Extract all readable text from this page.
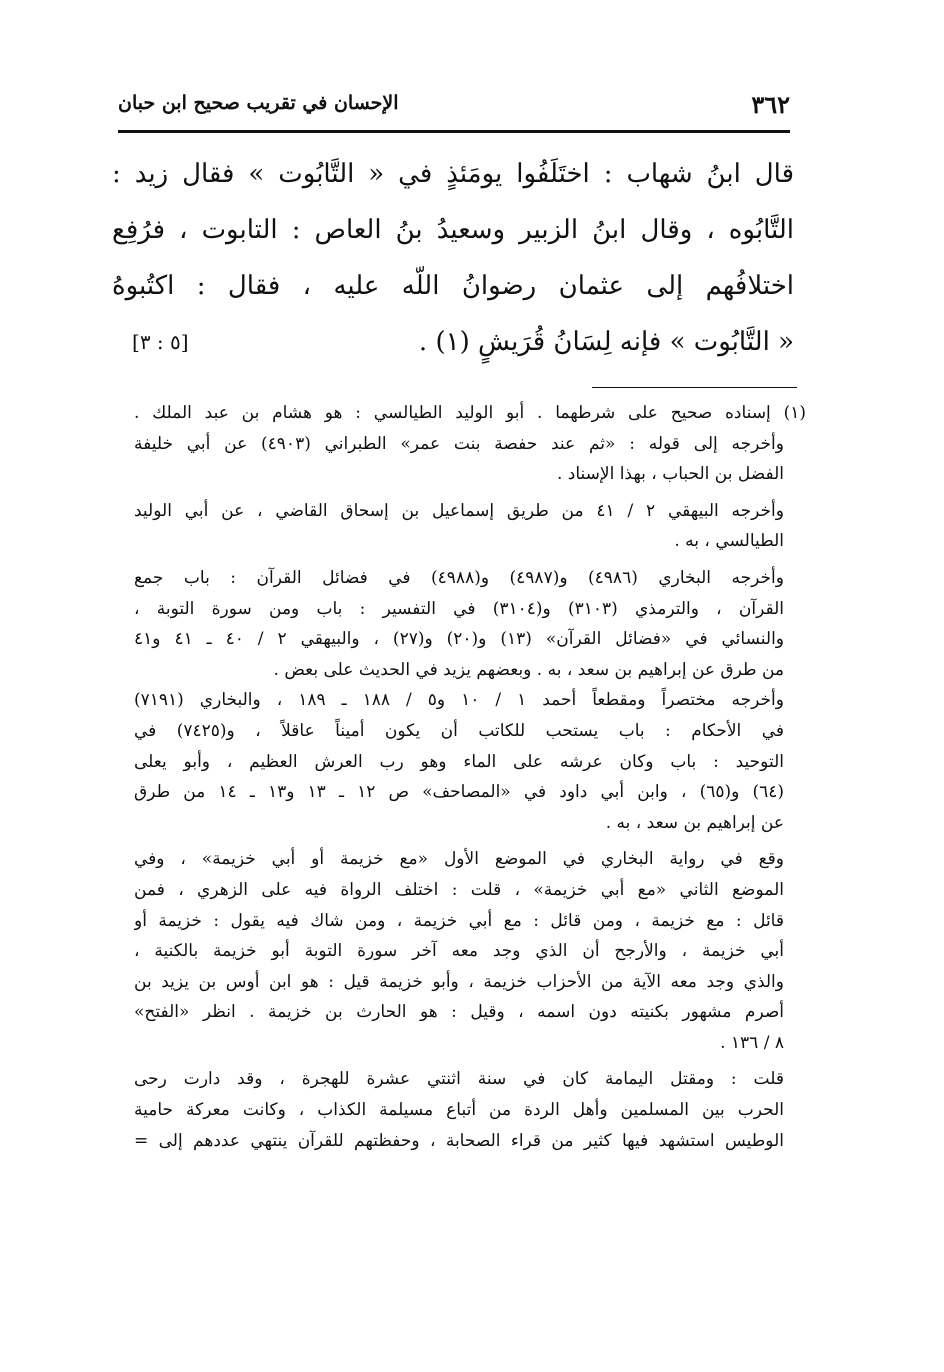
٣٦٢
الإحسان في تقريب صحيح ابن حبان
قال ابنُ شهاب : اختَلَفُوا يومَئذٍ في « التَّابُوت » فقال زيد :
التَّابُوه ، وقال ابنُ الزبير وسعيدُ بنُ العاص : التابوت ، فرُفِع
اختلافُهم إلى عثمان رضوانُ اللّه عليه ، فقال : اكتُبوهُ
« التَّابُوت » فإنه لِسَانُ قُرَيشٍ (١) .
[٥ : ٣]
(١) إسناده صحيح على شرطهما . أبو الوليد الطيالسي : هو هشام بن عبد الملك .
وأخرجه إلى قوله : «ثم عند حفصة بنت عمر» الطبراني (٤٩٠٣) عن أبي خليفة
الفضل بن الحباب ، بهذا الإسناد .
وأخرجه البيهقي ٢ / ٤١ من طريق إسماعيل بن إسحاق القاضي ، عن أبي الوليد
الطيالسي ، به .
وأخرجه البخاري (٤٩٨٦) و(٤٩٨٧) و(٤٩٨٨) في فضائل القرآن : باب جمع
القرآن ، والترمذي (٣١٠٣) و(٣١٠٤) في التفسير : باب ومن سورة التوبة ،
والنسائي في «فضائل القرآن» (١٣) و(٢٠) و(٢٧) ، والبيهقي ٢ / ٤٠ ـ ٤١ و٤١
من طرق عن إبراهيم بن سعد ، به . وبعضهم يزيد في الحديث على بعض .
وأخرجه مختصراً ومقطعاً أحمد ١ / ١٠ و٥ / ١٨٨ ـ ١٨٩ ، والبخاري (٧١٩١)
في الأحكام : باب يستحب للكاتب أن يكون أميناً عاقلاً ، و(٧٤٢٥) في
التوحيد : باب وكان عرشه على الماء وهو رب العرش العظيم ، وأبو يعلى
(٦٤) و(٦٥) ، وابن أبي داود في «المصاحف» ص ١٢ ـ ١٣ و١٣ ـ ١٤ من طرق
عن إبراهيم بن سعد ، به .
وقع في رواية البخاري في الموضع الأول «مع خزيمة أو أبي خزيمة» ، وفي
الموضع الثاني «مع أبي خزيمة» ، قلت : اختلف الرواة فيه على الزهري ، فمن
قائل : مع خزيمة ، ومن قائل : مع أبي خزيمة ، ومن شاك فيه يقول : خزيمة أو
أبي خزيمة ، والأرجح أن الذي وجد معه آخر سورة التوبة أبو خزيمة بالكنية ،
والذي وجد معه الآية من الأحزاب خزيمة ، وأبو خزيمة قيل : هو ابن أوس بن يزيد بن
أصرم مشهور بكنيته دون اسمه ، وقيل : هو الحارث بن خزيمة . انظر «الفتح»
٨ / ١٣٦ .
قلت : ومقتل اليمامة كان في سنة اثنتي عشرة للهجرة ، وقد دارت رحى
الحرب بين المسلمين وأهل الردة من أتباع مسيلمة الكذاب ، وكانت معركة حامية
الوطيس استشهد فيها كثير من قراء الصحابة ، وحفظتهم للقرآن ينتهي عددهم إلى =
